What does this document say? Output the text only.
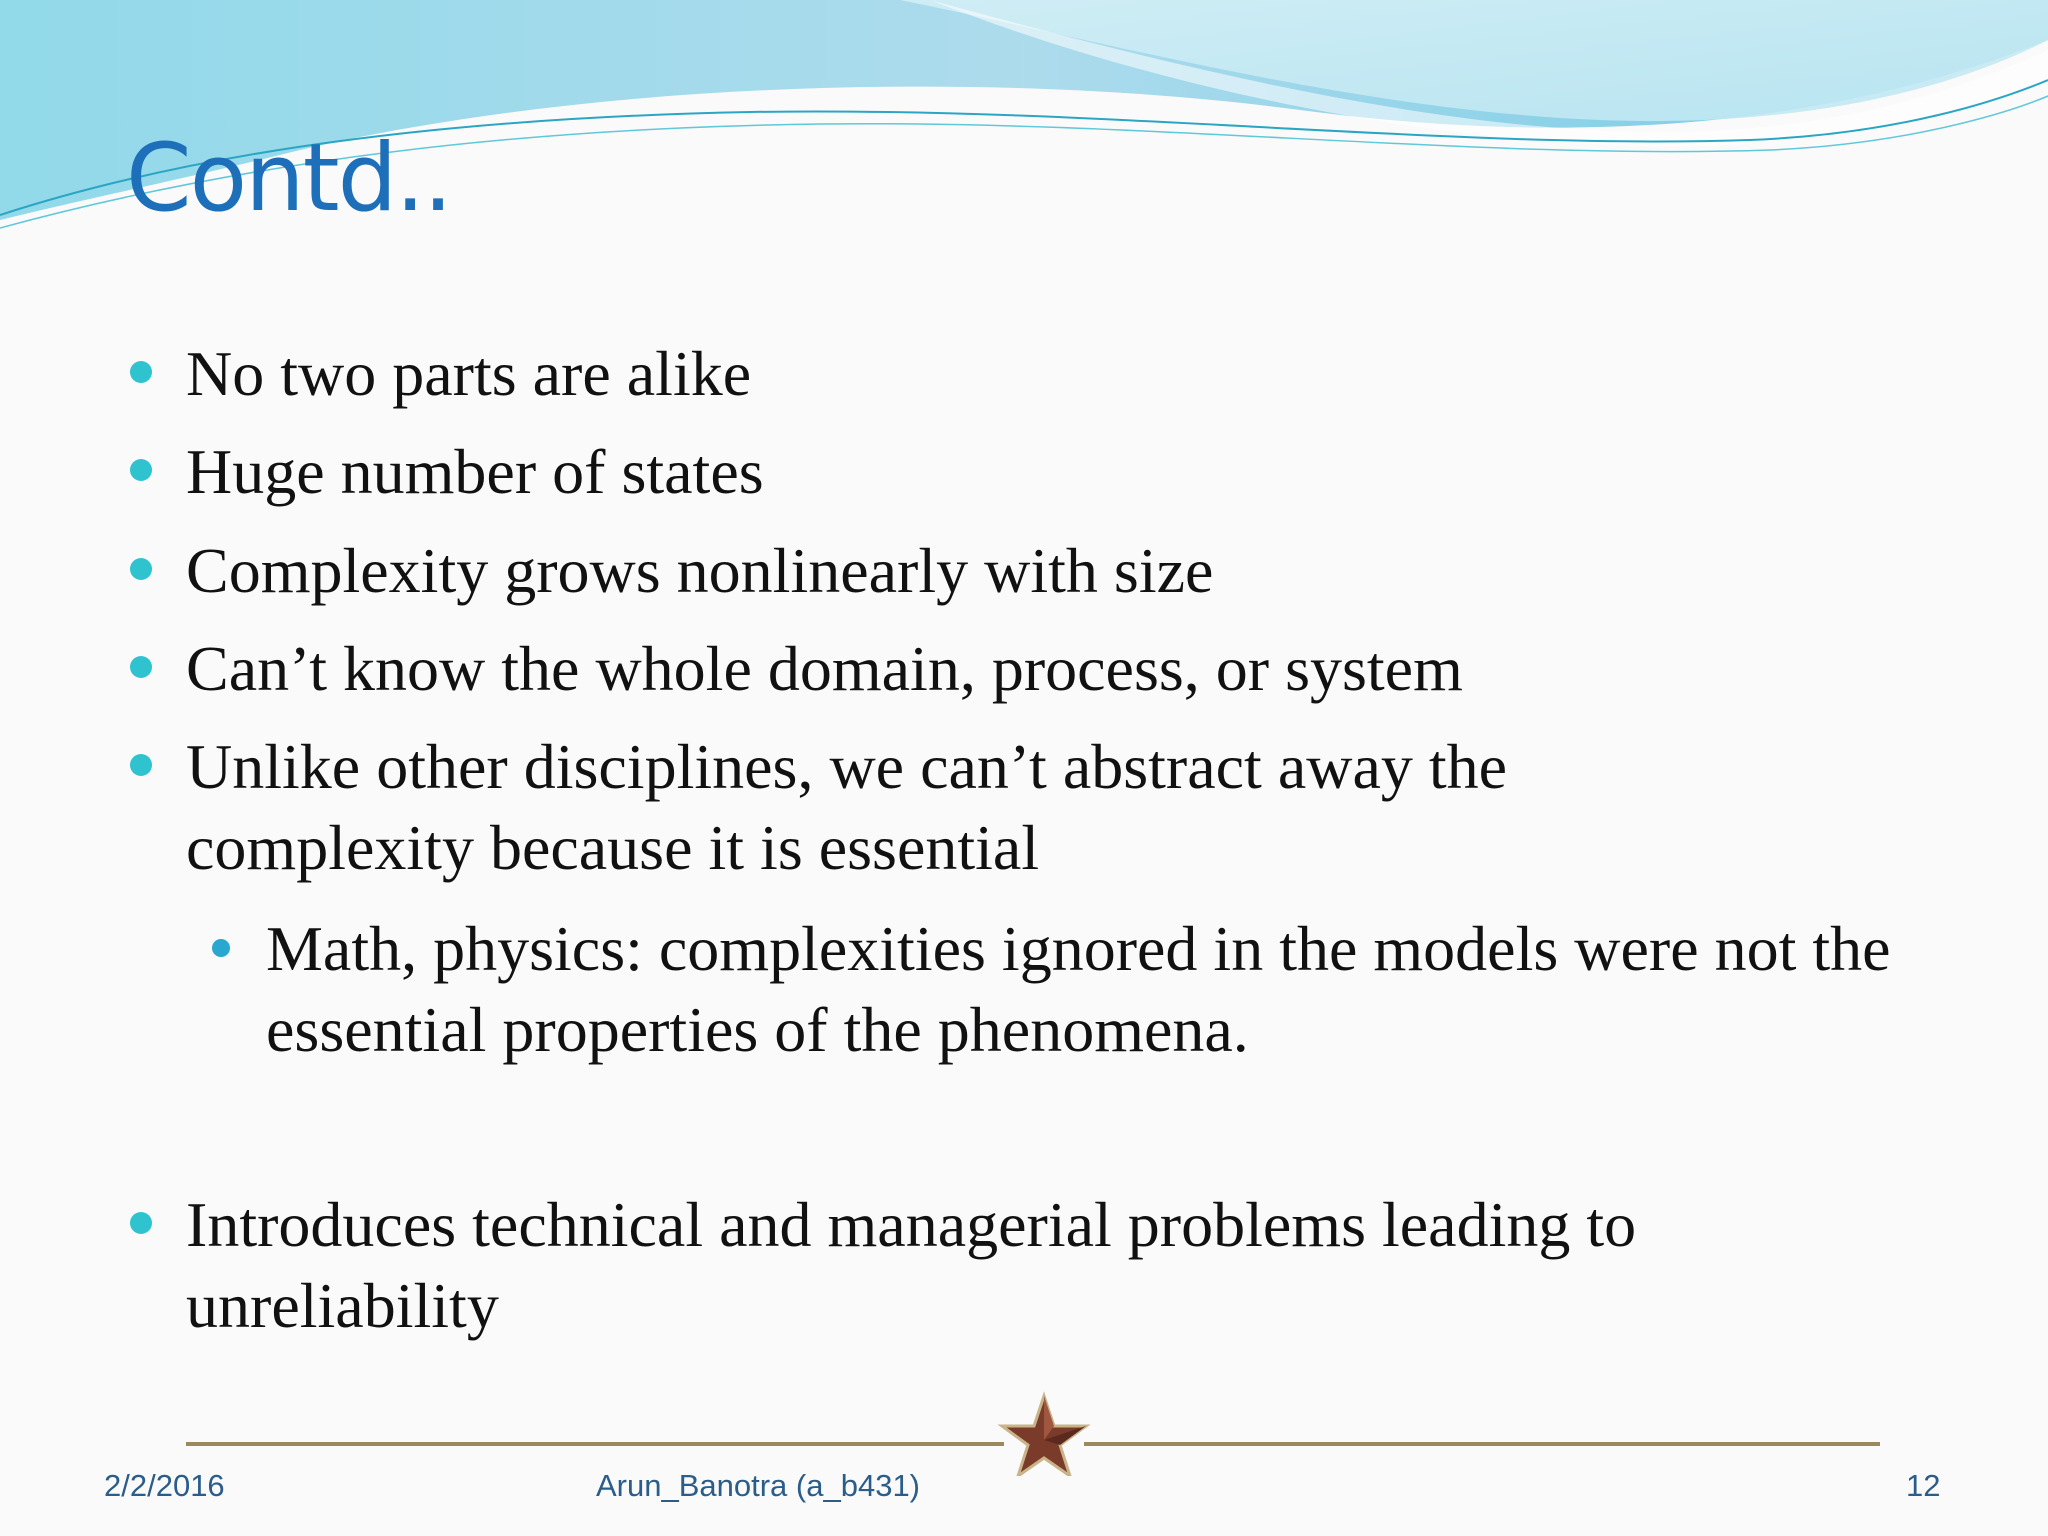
Contd..
No two parts are alike
Huge number of states
Complexity grows nonlinearly with size
Can’t know the whole domain, process, or system
Unlike other disciplines, we can’t abstract away the complexity because it is essential
Math, physics: complexities ignored in the models were not the essential properties of the phenomena.
Introduces technical and managerial problems leading to unreliability

2/2/2016	Arun_Banotra (a_b431)	12
